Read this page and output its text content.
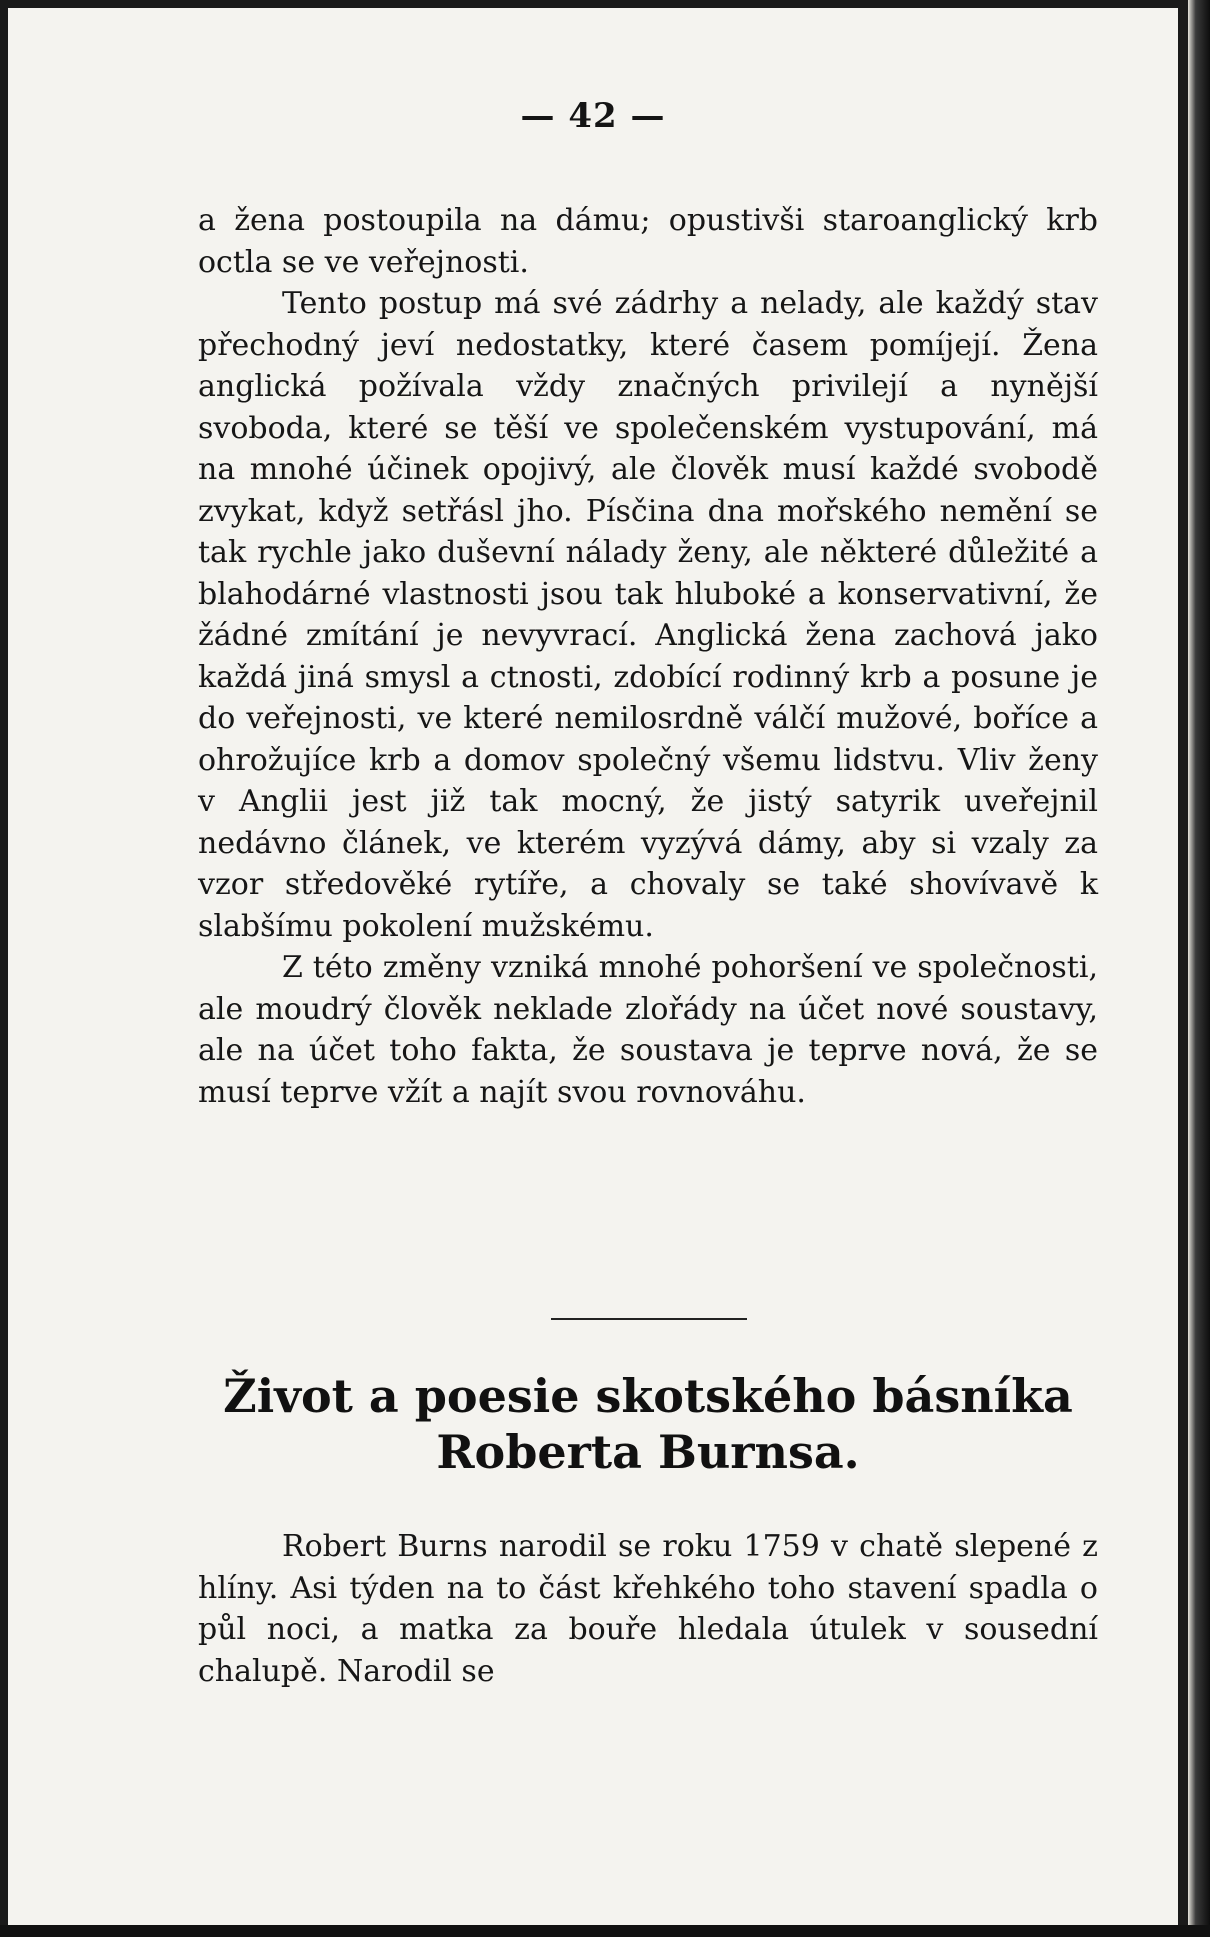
— 42 —

a žena postoupila na dámu; opustivši staroanglický krb octla se ve veřejnosti.

Tento postup má své zádrhy a nelady, ale každý stav přechodný jeví nedostatky, které časem pomíjejí. Žena anglická požívala vždy značných privilejí a nynější svoboda, které se těší ve společenském vystupování, má na mnohé účinek opojivý, ale člověk musí každé svobodě zvykat, když setřásl jho. Písčina dna mořského nemění se tak rychle jako duševní nálady ženy, ale některé důležité a blahodárné vlastnosti jsou tak hluboké a konservativní, že žádné zmítání je nevyvrací. Anglická žena zachová jako každá jiná smysl a ctnosti, zdobící rodinný krb a posune je do veřejnosti, ve které nemilosrdně válčí mužové, boříce a ohrožujíce krb a domov společný všemu lidstvu. Vliv ženy v Anglii jest již tak mocný, že jistý satyrik uveřejnil nedávno článek, ve kterém vyzývá dámy, aby si vzaly za vzor středověké rytíře, a chovaly se také shovívavě k slabšímu pokolení mužskému.

Z této změny vzniká mnohé pohoršení ve společnosti, ale moudrý člověk neklade zlořády na účet nové soustavy, ale na účet toho fakta, že soustava je teprve nová, že se musí teprve vžít a najít svou rovnováhu.

Život a poesie skotského básníka
Roberta Burnsa.

Robert Burns narodil se roku 1759 v chatě slepené z hlíny. Asi týden na to část křehkého toho stavení spadla o půl noci, a matka za bouře hledala útulek v sousední chalupě. Narodil se
